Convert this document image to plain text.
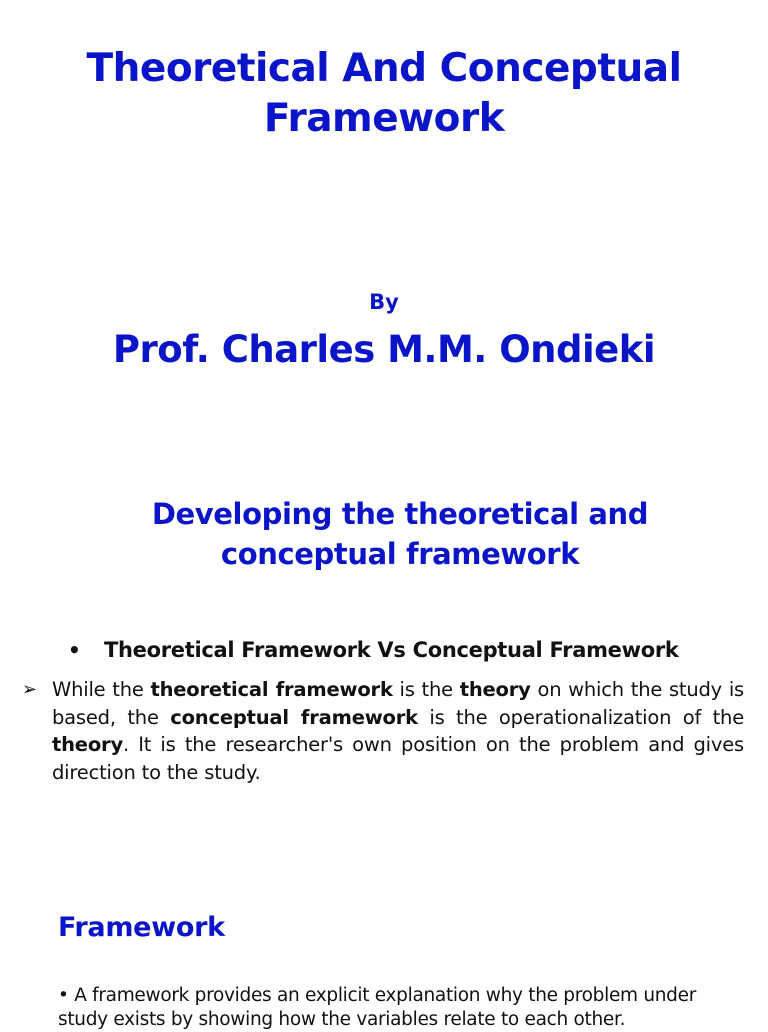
Theoretical And Conceptual
Framework
By
Prof. Charles M.M. Ondieki
Developing the theoretical and
conceptual framework
• Theoretical Framework Vs Conceptual Framework
➢ While the theoretical framework is the theory on which the study is based, the conceptual framework is the operationalization of the theory. It is the researcher's own position on the problem and gives direction to the study.
Framework
• A framework provides an explicit explanation why the problem under study exists by showing how the variables relate to each other.
